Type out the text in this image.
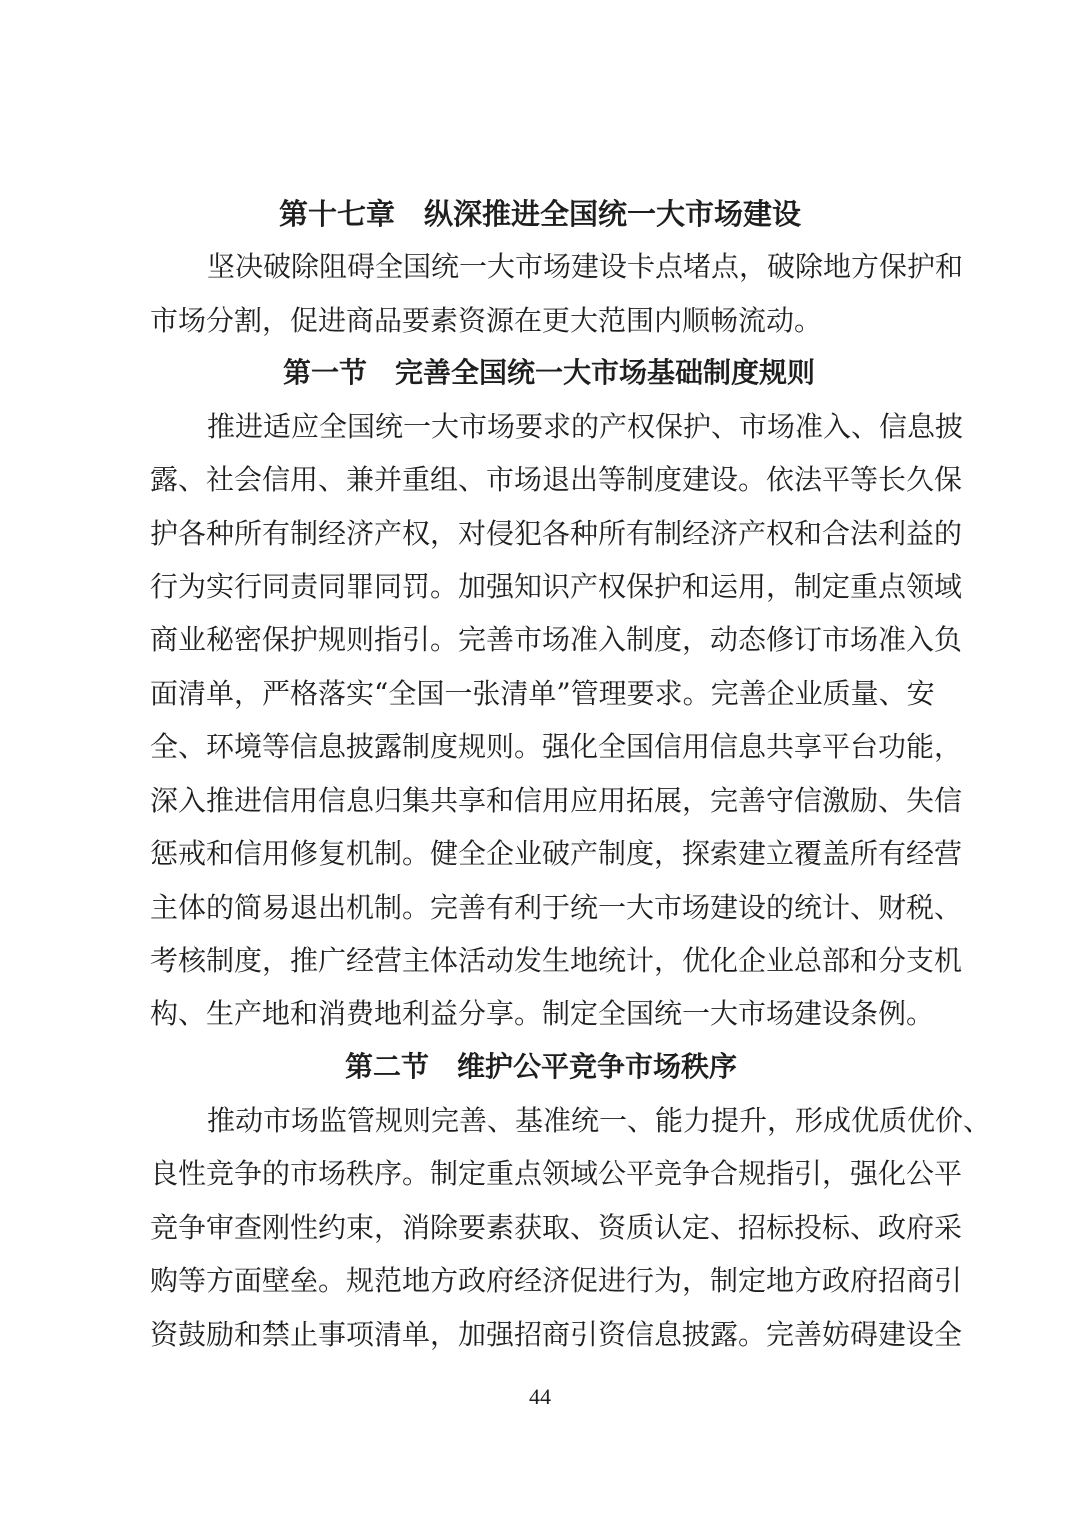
第十七章　纵深推进全国统一大市场建设
坚决破除阻碍全国统一大市场建设卡点堵点，破除地方保护和
市场分割，促进商品要素资源在更大范围内顺畅流动。
第一节　完善全国统一大市场基础制度规则
推进适应全国统一大市场要求的产权保护、市场准入、信息披
露、社会信用、兼并重组、市场退出等制度建设。依法平等长久保
护各种所有制经济产权，对侵犯各种所有制经济产权和合法利益的
行为实行同责同罪同罚。加强知识产权保护和运用，制定重点领域
商业秘密保护规则指引。完善市场准入制度，动态修订市场准入负
面清单，严格落实“全国一张清单”管理要求。完善企业质量、安
全、环境等信息披露制度规则。强化全国信用信息共享平台功能，
深入推进信用信息归集共享和信用应用拓展，完善守信激励、失信
惩戒和信用修复机制。健全企业破产制度，探索建立覆盖所有经营
主体的简易退出机制。完善有利于统一大市场建设的统计、财税、
考核制度，推广经营主体活动发生地统计，优化企业总部和分支机
构、生产地和消费地利益分享。制定全国统一大市场建设条例。
第二节　维护公平竞争市场秩序
推动市场监管规则完善、基准统一、能力提升，形成优质优价、
良性竞争的市场秩序。制定重点领域公平竞争合规指引，强化公平
竞争审查刚性约束，消除要素获取、资质认定、招标投标、政府采
购等方面壁垒。规范地方政府经济促进行为，制定地方政府招商引
资鼓励和禁止事项清单，加强招商引资信息披露。完善妨碍建设全
44
